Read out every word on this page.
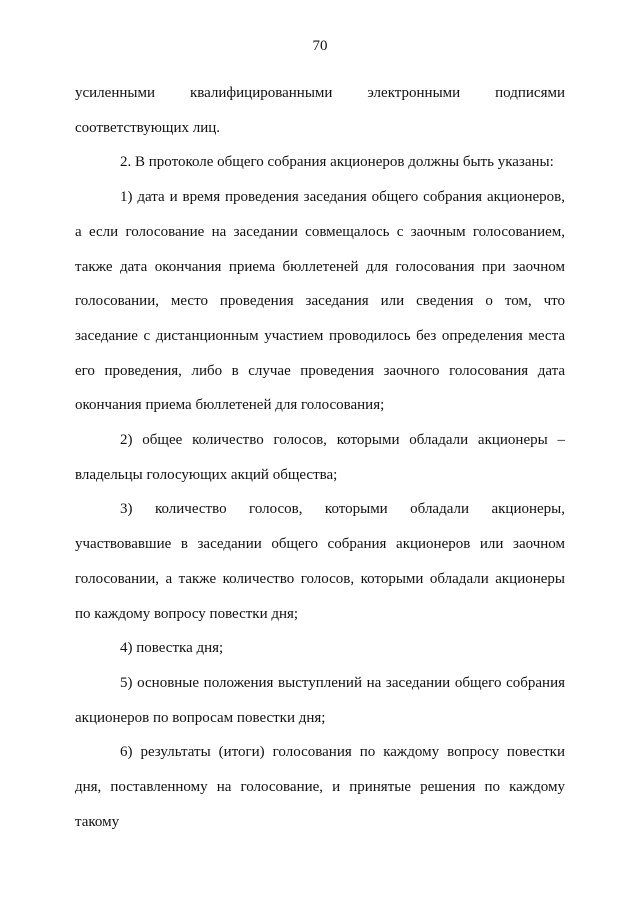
70

усиленными квалифицированными электронными подписями соответствующих лиц.

2. В протоколе общего собрания акционеров должны быть указаны:

1) дата и время проведения заседания общего собрания акционеров, а если голосование на заседании совмещалось с заочным голосованием, также дата окончания приема бюллетеней для голосования при заочном голосовании, место проведения заседания или сведения о том, что заседание с дистанционным участием проводилось без определения места его проведения, либо в случае проведения заочного голосования дата окончания приема бюллетеней для голосования;

2) общее количество голосов, которыми обладали акционеры – владельцы голосующих акций общества;

3) количество голосов, которыми обладали акционеры, участвовавшие в заседании общего собрания акционеров или заочном голосовании, а также количество голосов, которыми обладали акционеры по каждому вопросу повестки дня;

4) повестка дня;

5) основные положения выступлений на заседании общего собрания акционеров по вопросам повестки дня;

6) результаты (итоги) голосования по каждому вопросу повестки дня, поставленному на голосование, и принятые решения по каждому такому
